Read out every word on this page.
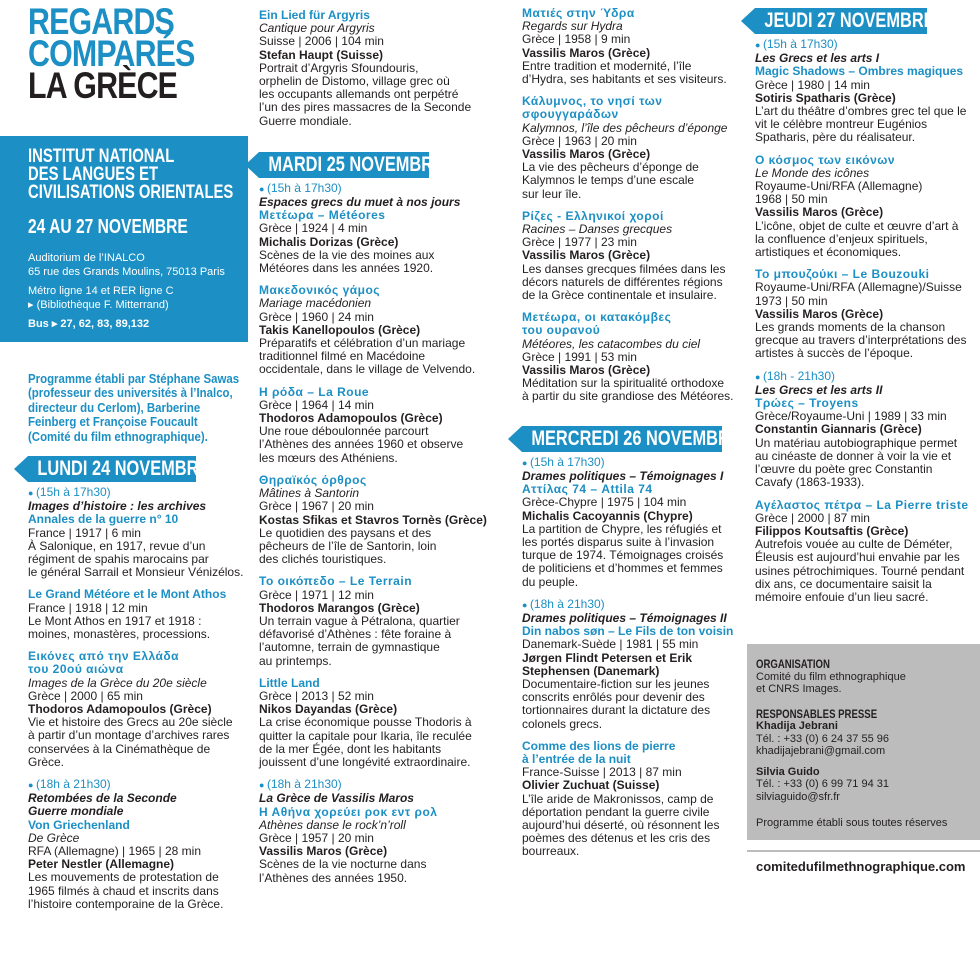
REGARDS
COMPARÉS
LA GRÈCE
INSTITUT NATIONAL
DES LANGUES ET
CIVILISATIONS ORIENTALES
24 AU 27 NOVEMBRE
Auditorium de l’INALCO
65 rue des Grands Moulins, 75013 Paris
Métro ligne 14 et RER ligne C
▸ (Bibliothèque F. Mitterrand)
Bus ▸ 27, 62, 83, 89,132
Programme établi par Stéphane Sawas
(professeur des universités à l’Inalco,
directeur du Cerlom), Barberine
Feinberg et Françoise Foucault
(Comité du film ethnographique).
LUNDI 24 NOVEMBRE
● (15h à 17h30)
Images d’histoire : les archives
Annales de la guerre n° 10
France | 1917 | 6 min
À Salonique, en 1917, revue d’un
régiment de spahis marocains par
le général Sarrail et Monsieur Vénizélos.
Le Grand Météore et le Mont Athos
France | 1918 | 12 min
Le Mont Athos en 1917 et 1918 :
moines, monastères, processions.
Εικόνες από την Ελλάδα
του 20ού αιώνα
Images de la Grèce du 20e siècle
Grèce | 2000 | 65 min
Thodoros Adamopoulos (Grèce)
Vie et histoire des Grecs au 20e siècle
à partir d’un montage d’archives rares
conservées à la Cinémathèque de
Grèce.
● (18h à 21h30)
Retombées de la Seconde
Guerre mondiale
Von Griechenland
De Grèce
RFA (Allemagne) | 1965 | 28 min
Peter Nestler (Allemagne)
Les mouvements de protestation de
1965 filmés à chaud et inscrits dans
l’histoire contemporaine de la Grèce.
Ein Lied für Argyris
Cantique pour Argyris
Suisse | 2006 | 104 min
Stefan Haupt (Suisse)
Portrait d’Argyris Sfoundouris,
orphelin de Distomo, village grec où
les occupants allemands ont perpétré
l’un des pires massacres de la Seconde
Guerre mondiale.
MARDI 25 NOVEMBRE
● (15h à 17h30)
Espaces grecs du muet à nos jours
Μετέωρα – Météores
Grèce | 1924 | 4 min
Michalis Dorizas (Grèce)
Scènes de la vie des moines aux
Météores dans les années 1920.
Μακεδονικός γάμος
Mariage macédonien
Grèce | 1960 | 24 min
Takis Kanellopoulos (Grèce)
Préparatifs et célébration d’un mariage
traditionnel filmé en Macédoine
occidentale, dans le village de Velvendo.
Η ρόδα – La Roue
Grèce | 1964 | 14 min
Thodoros Adamopoulos (Grèce)
Une roue déboulonnée parcourt
l’Athènes des années 1960 et observe
les mœurs des Athéniens.
Θηραϊκός όρθρος
Mâtines à Santorin
Grèce | 1967 | 20 min
Kostas Sfikas et Stavros Tornès (Grèce)
Le quotidien des paysans et des
pêcheurs de l’île de Santorin, loin
des clichés touristiques.
Το οικόπεδο – Le Terrain
Grèce | 1971 | 12 min
Thodoros Marangos (Grèce)
Un terrain vague à Pétralona, quartier
défavorisé d’Athènes : fête foraine à
l’automne, terrain de gymnastique
au printemps.
Little Land
Grèce | 2013 | 52 min
Nikos Dayandas (Grèce)
La crise économique pousse Thodoris à
quitter la capitale pour Ikaria, île reculée
de la mer Égée, dont les habitants
jouissent d’une longévité extraordinaire.
● (18h à 21h30)
La Grèce de Vassilis Maros
Η Αθήνα χορεύει ροκ εντ ρολ
Athènes danse le rock’n’roll
Grèce | 1957 | 20 min
Vassilis Maros (Grèce)
Scènes de la vie nocturne dans
l’Athènes des années 1950.
Ματιές στην Ύδρα
Regards sur Hydra
Grèce | 1958 | 9 min
Vassilis Maros (Grèce)
Entre tradition et modernité, l’île
d’Hydra, ses habitants et ses visiteurs.
Κάλυμνος, το νησί των
σφουγγαράδων
Kalymnos, l’île des pêcheurs d’éponge
Grèce | 1963 | 20 min
Vassilis Maros (Grèce)
La vie des pêcheurs d’éponge de
Kalymnos le temps d’une escale
sur leur île.
Ρίζες - Ελληνικοί χοροί
Racines – Danses grecques
Grèce | 1977 | 23 min
Vassilis Maros (Grèce)
Les danses grecques filmées dans les
décors naturels de différentes régions
de la Grèce continentale et insulaire.
Μετέωρα, οι κατακόμβες
του ουρανού
Météores, les catacombes du ciel
Grèce | 1991 | 53 min
Vassilis Maros (Grèce)
Méditation sur la spiritualité orthodoxe
à partir du site grandiose des Météores.
MERCREDI 26 NOVEMBRE
● (15h à 17h30)
Drames politiques – Témoignages I
Αττίλας 74 – Attila 74
Grèce-Chypre | 1975 | 104 min
Michalis Cacoyannis (Chypre)
La partition de Chypre, les réfugiés et
les portés disparus suite à l’invasion
turque de 1974. Témoignages croisés
de politiciens et d’hommes et femmes
du peuple.
● (18h à 21h30)
Drames politiques – Témoignages II
Din nabos søn – Le Fils de ton voisin
Danemark-Suède | 1981 | 55 min
Jørgen Flindt Petersen et Erik
Stephensen (Danemark)
Documentaire-fiction sur les jeunes
conscrits enrôlés pour devenir des
tortionnaires durant la dictature des
colonels grecs.
Comme des lions de pierre
à l’entrée de la nuit
France-Suisse | 2013 | 87 min
Olivier Zuchuat (Suisse)
L’île aride de Makronissos, camp de
déportation pendant la guerre civile
aujourd’hui déserté, où résonnent les
poèmes des détenus et les cris des
bourreaux.
JEUDI 27 NOVEMBRE
● (15h à 17h30)
Les Grecs et les arts I
Magic Shadows – Ombres magiques
Grèce | 1980 | 14 min
Sotiris Spatharis (Grèce)
L’art du théâtre d’ombres grec tel que le
vit le célèbre montreur Eugénios
Spatharis, père du réalisateur.
Ο κόσμος των εικόνων
Le Monde des icônes
Royaume-Uni/RFA (Allemagne)
1968 | 50 min
Vassilis Maros (Grèce)
L’icône, objet de culte et œuvre d’art à
la confluence d’enjeux spirituels,
artistiques et économiques.
Το μπουζούκι – Le Bouzouki
Royaume-Uni/RFA (Allemagne)/Suisse
1973 | 50 min
Vassilis Maros (Grèce)
Les grands moments de la chanson
grecque au travers d’interprétations des
artistes à succès de l’époque.
● (18h - 21h30)
Les Grecs et les arts II
Τρώες – Troyens
Grèce/Royaume-Uni | 1989 | 33 min
Constantin Giannaris (Grèce)
Un matériau autobiographique permet
au cinéaste de donner à voir la vie et
l’œuvre du poète grec Constantin
Cavafy (1863-1933).
Αγέλαστος πέτρα – La Pierre triste
Grèce | 2000 | 87 min
Filippos Koutsaftis (Grèce)
Autrefois vouée au culte de Déméter,
Éleusis est aujourd’hui envahie par les
usines pétrochimiques. Tourné pendant
dix ans, ce documentaire saisit la
mémoire enfouie d’un lieu sacré.
ORGANISATION
Comité du film ethnographique
et CNRS Images.
RESPONSABLES PRESSE
Khadija Jebrani
Tél. : +33 (0) 6 24 37 55 96
khadijajebrani@gmail.com
Silvia Guido
Tél. : +33 (0) 6 99 71 94 31
silviaguido@sfr.fr
Programme établi sous toutes réserves
comitedufilmethnographique.com
